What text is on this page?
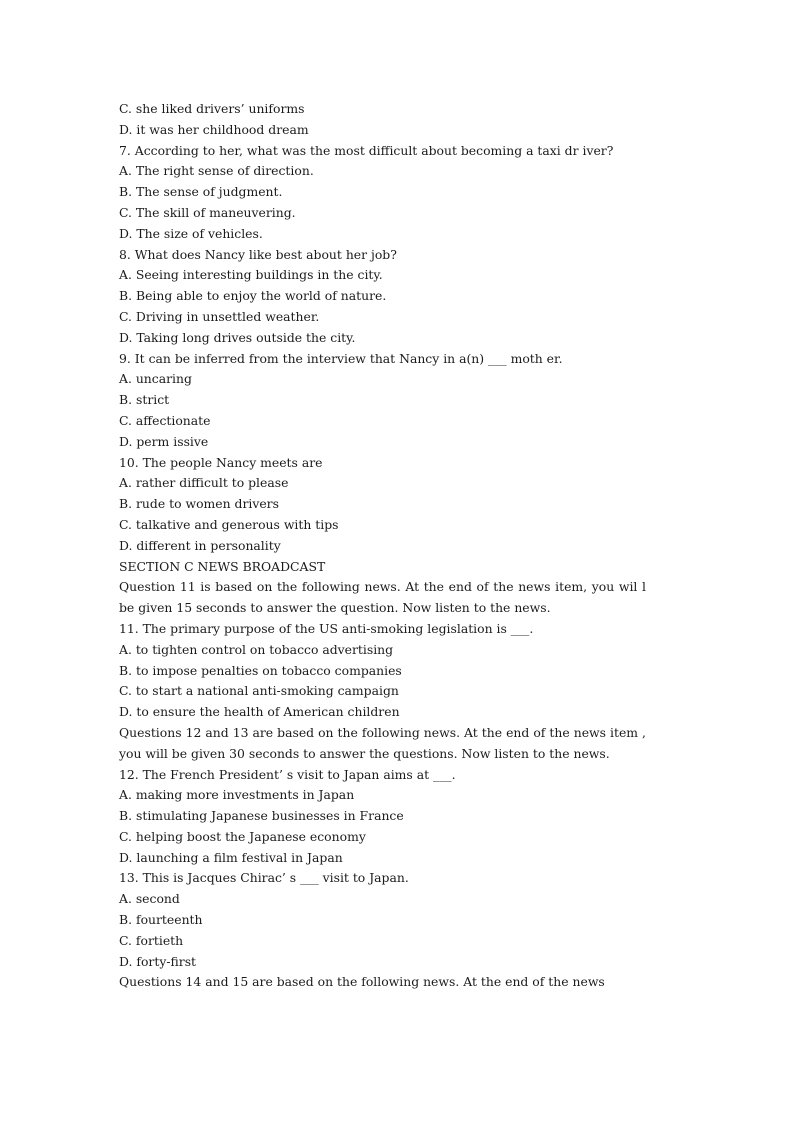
C. she liked drivers’ uniforms
D. it was her childhood dream
7. According to her, what was the most difficult about becoming a taxi dr iver?
A. The right sense of direction.
B. The sense of judgment.
C. The skill of maneuvering.
D. The size of vehicles.
8. What does Nancy like best about her job?
A. Seeing interesting buildings in the city.
B. Being able to enjoy the world of nature.
C. Driving in unsettled weather.
D. Taking long drives outside the city.
9. It can be inferred from the interview that Nancy in a(n) ___ moth er.
A. uncaring
B. strict
C. affectionate
D. perm issive
10. The people Nancy meets are
A. rather difficult to please
B. rude to women drivers
C. talkative and generous with tips
D. different in personality
SECTION C NEWS BROADCAST
Question 11 is based on the following news. At the end of the news item, you wil l be given 15 seconds to answer the question. Now listen to the news.
11. The primary purpose of the US anti-smoking legislation is ___.
A. to tighten control on tobacco advertising
B. to impose penalties on tobacco companies
C. to start a national anti-smoking campaign
D. to ensure the health of American children
Questions 12 and 13 are based on the following news. At the end of the news item , you will be given 30 seconds to answer the questions. Now listen to the news.
12. The French President’ s visit to Japan aims at ___.
A. making more investments in Japan
B. stimulating Japanese businesses in France
C. helping boost the Japanese economy
D. launching a film festival in Japan
13. This is Jacques Chirac’ s ___ visit to Japan.
A. second
B. fourteenth
C. fortieth
D. forty-first
Questions 14 and 15 are based on the following news. At the end of the news
